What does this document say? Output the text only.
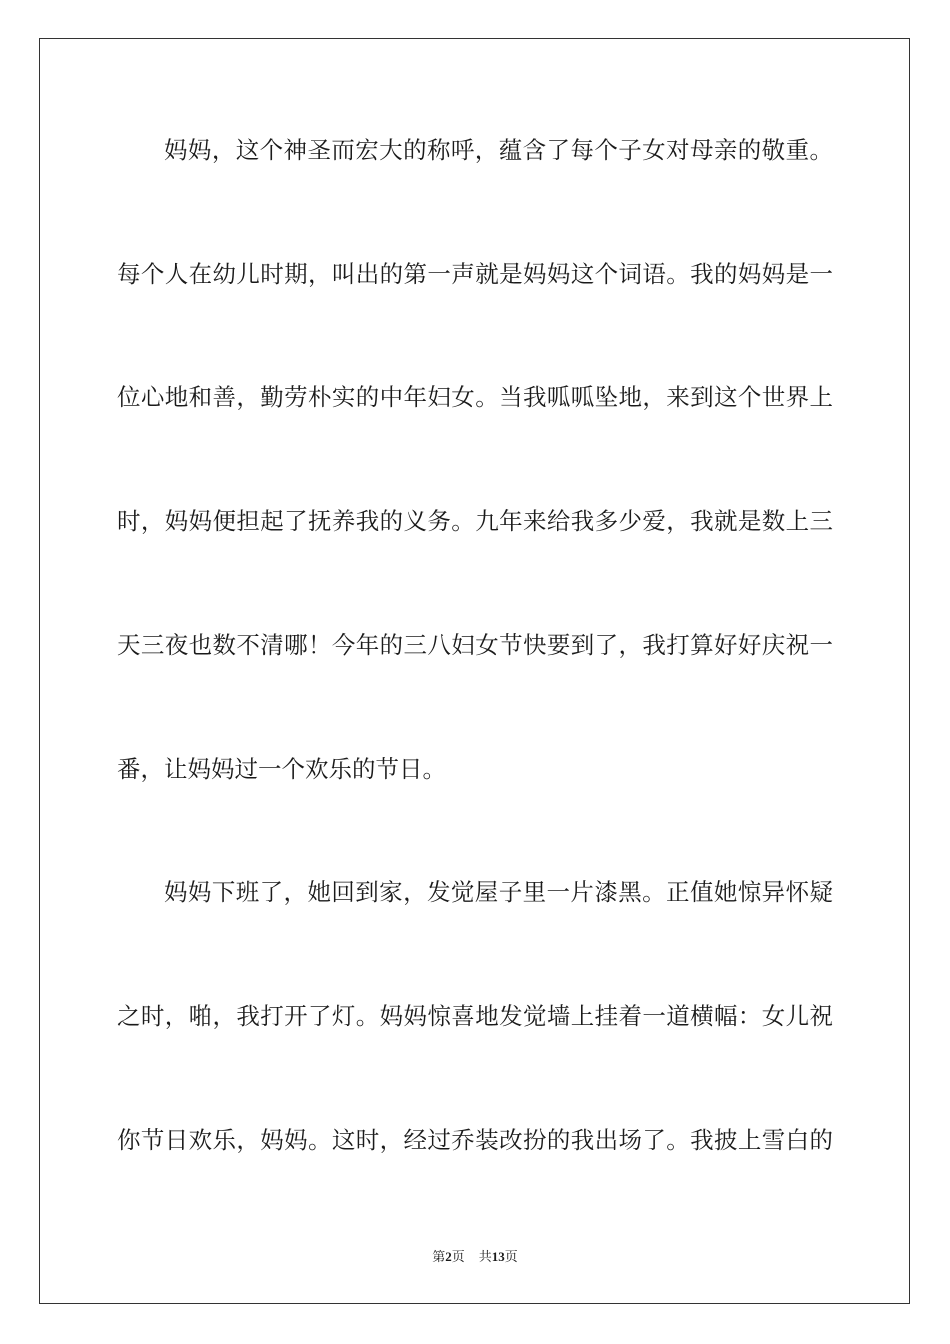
妈妈，这个神圣而宏大的称呼，蕴含了每个子女对母亲的敬重。
每个人在幼儿时期，叫出的第一声就是妈妈这个词语。我的妈妈是一
位心地和善，勤劳朴实的中年妇女。当我呱呱坠地，来到这个世界上
时，妈妈便担起了抚养我的义务。九年来给我多少爱，我就是数上三
天三夜也数不清哪！今年的三八妇女节快要到了，我打算好好庆祝一
番，让妈妈过一个欢乐的节日。
妈妈下班了，她回到家，发觉屋子里一片漆黑。正值她惊异怀疑
之时，啪，我打开了灯。妈妈惊喜地发觉墙上挂着一道横幅：女儿祝
你节日欢乐，妈妈。这时，经过乔装改扮的我出场了。我披上雪白的
第2页 共13页
